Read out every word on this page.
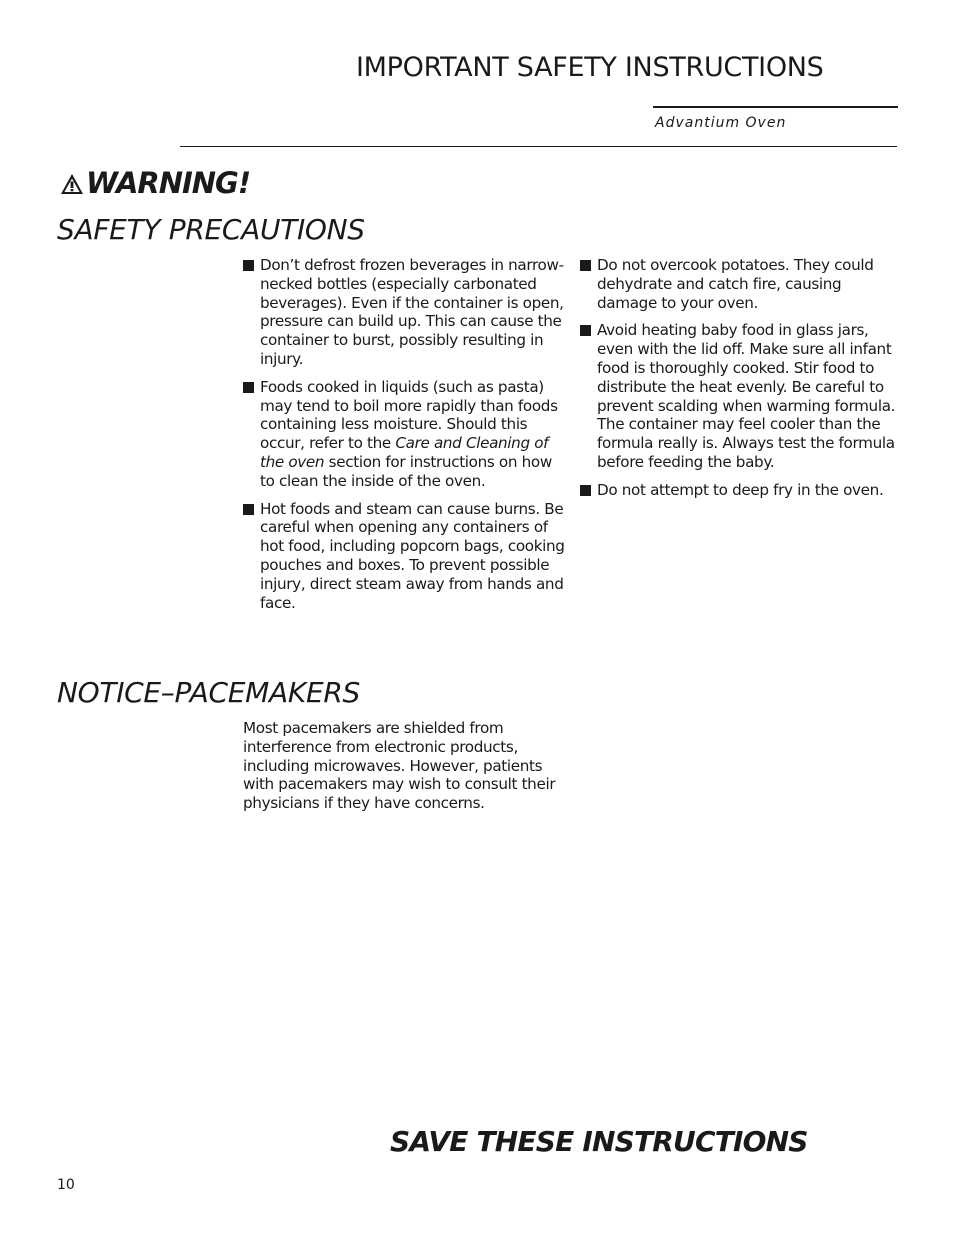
IMPORTANT SAFETY INSTRUCTIONS
Advantium Oven
WARNING!
SAFETY PRECAUTIONS
Don’t defrost frozen beverages in narrow-necked bottles (especially carbonated beverages). Even if the container is open, pressure can build up. This can cause the container to burst, possibly resulting in injury.
Foods cooked in liquids (such as pasta) may tend to boil more rapidly than foods containing less moisture. Should this occur, refer to the Care and Cleaning of the oven section for instructions on how to clean the inside of the oven.
Hot foods and steam can cause burns. Be careful when opening any containers of hot food, including popcorn bags, cooking pouches and boxes. To prevent possible injury, direct steam away from hands and face.
Do not overcook potatoes. They could dehydrate and catch fire, causing damage to your oven.
Avoid heating baby food in glass jars, even with the lid off. Make sure all infant food is thoroughly cooked. Stir food to distribute the heat evenly. Be careful to prevent scalding when warming formula. The container may feel cooler than the formula really is. Always test the formula before feeding the baby.
Do not attempt to deep fry in the oven.
NOTICE–PACEMAKERS
Most pacemakers are shielded from interference from electronic products, including microwaves. However, patients with pacemakers may wish to consult their physicians if they have concerns.
SAVE THESE INSTRUCTIONS
10
